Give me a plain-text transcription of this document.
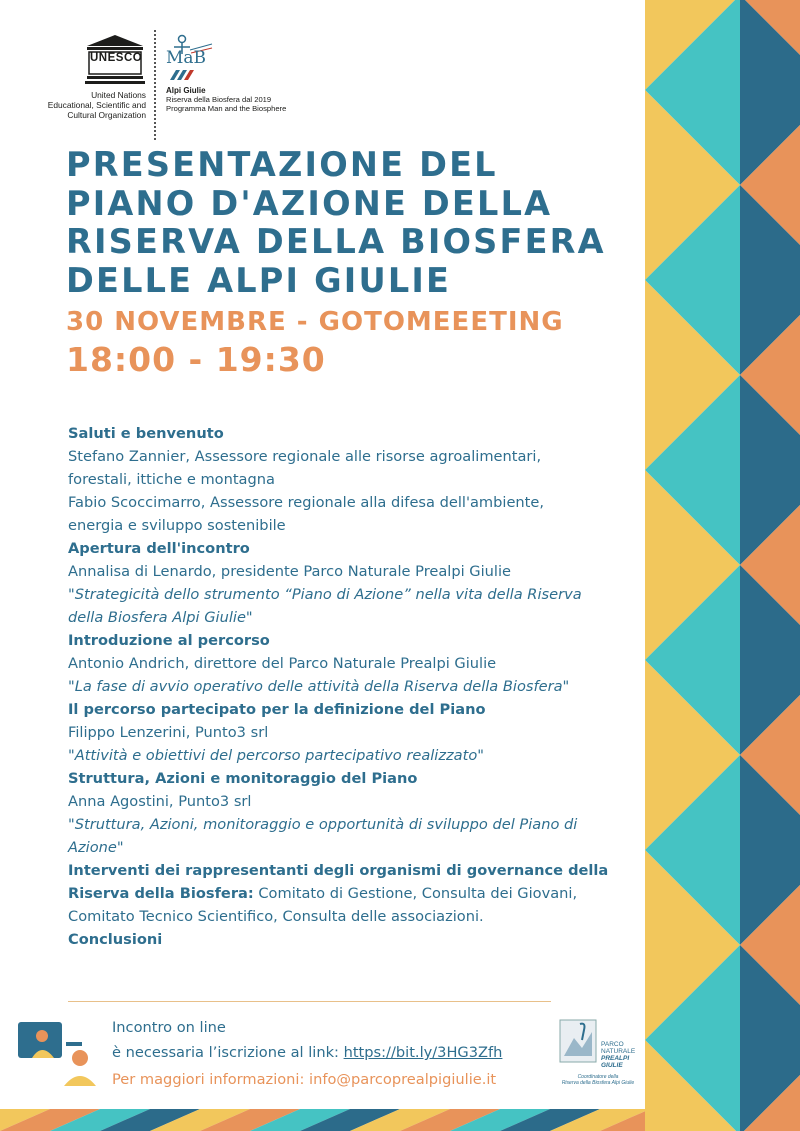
UNESCO
United Nations
Educational, Scientific and
Cultural Organization
MaB
Alpi Giulie
Riserva della Biosfera dal 2019
Programma Man and the Biosphere
PRESENTAZIONE DEL
PIANO D'AZIONE DELLA
RISERVA DELLA BIOSFERA
DELLE ALPI GIULIE
30 NOVEMBRE - GOTOMEEETING
18:00 - 19:30
Saluti e benvenuto
Stefano Zannier, Assessore regionale alle risorse agroalimentari,
forestali, ittiche e montagna
Fabio Scoccimarro, Assessore regionale alla difesa dell'ambiente,
energia e sviluppo sostenibile
Apertura dell'incontro
Annalisa di Lenardo, presidente Parco Naturale Prealpi Giulie
"Strategicità dello strumento “Piano di Azione” nella vita della Riserva
della Biosfera Alpi Giulie"
Introduzione al percorso
Antonio Andrich, direttore del Parco Naturale Prealpi Giulie
"La fase di avvio operativo delle attività della Riserva della Biosfera"
Il percorso partecipato per la definizione del Piano
Filippo Lenzerini, Punto3 srl
"Attività e obiettivi del percorso partecipativo realizzato"
Struttura, Azioni e monitoraggio del Piano
Anna Agostini, Punto3 srl
"Struttura, Azioni, monitoraggio e opportunità di sviluppo del Piano di
Azione"
Interventi dei rappresentanti degli organismi di governance della
Riserva della Biosfera: Comitato di Gestione, Consulta dei Giovani,
Comitato Tecnico Scientifico, Consulta delle associazioni.
Conclusioni
Incontro on line
è necessaria l’iscrizione al link: https://bit.ly/3HG3Zfh
Per maggiori informazioni: info@parcoprealpigiulie.it
PARCO
NATURALE
PREALPI
GIULIE
Coordinatore della
Riserva della Biosfera Alpi Giulie
